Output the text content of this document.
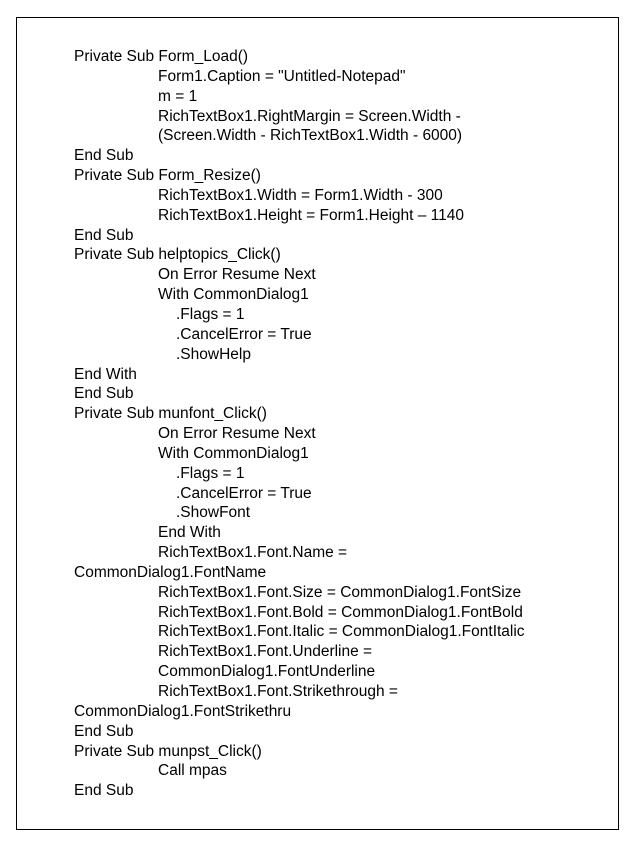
Private Sub Form_Load()
Form1.Caption = "Untitled-Notepad"
m = 1
RichTextBox1.RightMargin = Screen.Width -
(Screen.Width - RichTextBox1.Width - 6000)
End Sub
Private Sub Form_Resize()
RichTextBox1.Width = Form1.Width - 300
RichTextBox1.Height = Form1.Height – 1140
End Sub
Private Sub helptopics_Click()
On Error Resume Next
With CommonDialog1
.Flags = 1
.CancelError = True
.ShowHelp
End With
End Sub
Private Sub munfont_Click()
On Error Resume Next
With CommonDialog1
.Flags = 1
.CancelError = True
.ShowFont
End With
RichTextBox1.Font.Name =
CommonDialog1.FontName
RichTextBox1.Font.Size = CommonDialog1.FontSize
RichTextBox1.Font.Bold = CommonDialog1.FontBold
RichTextBox1.Font.Italic = CommonDialog1.FontItalic
RichTextBox1.Font.Underline =
CommonDialog1.FontUnderline
RichTextBox1.Font.Strikethrough =
CommonDialog1.FontStrikethru
End Sub
Private Sub munpst_Click()
Call mpas
End Sub
